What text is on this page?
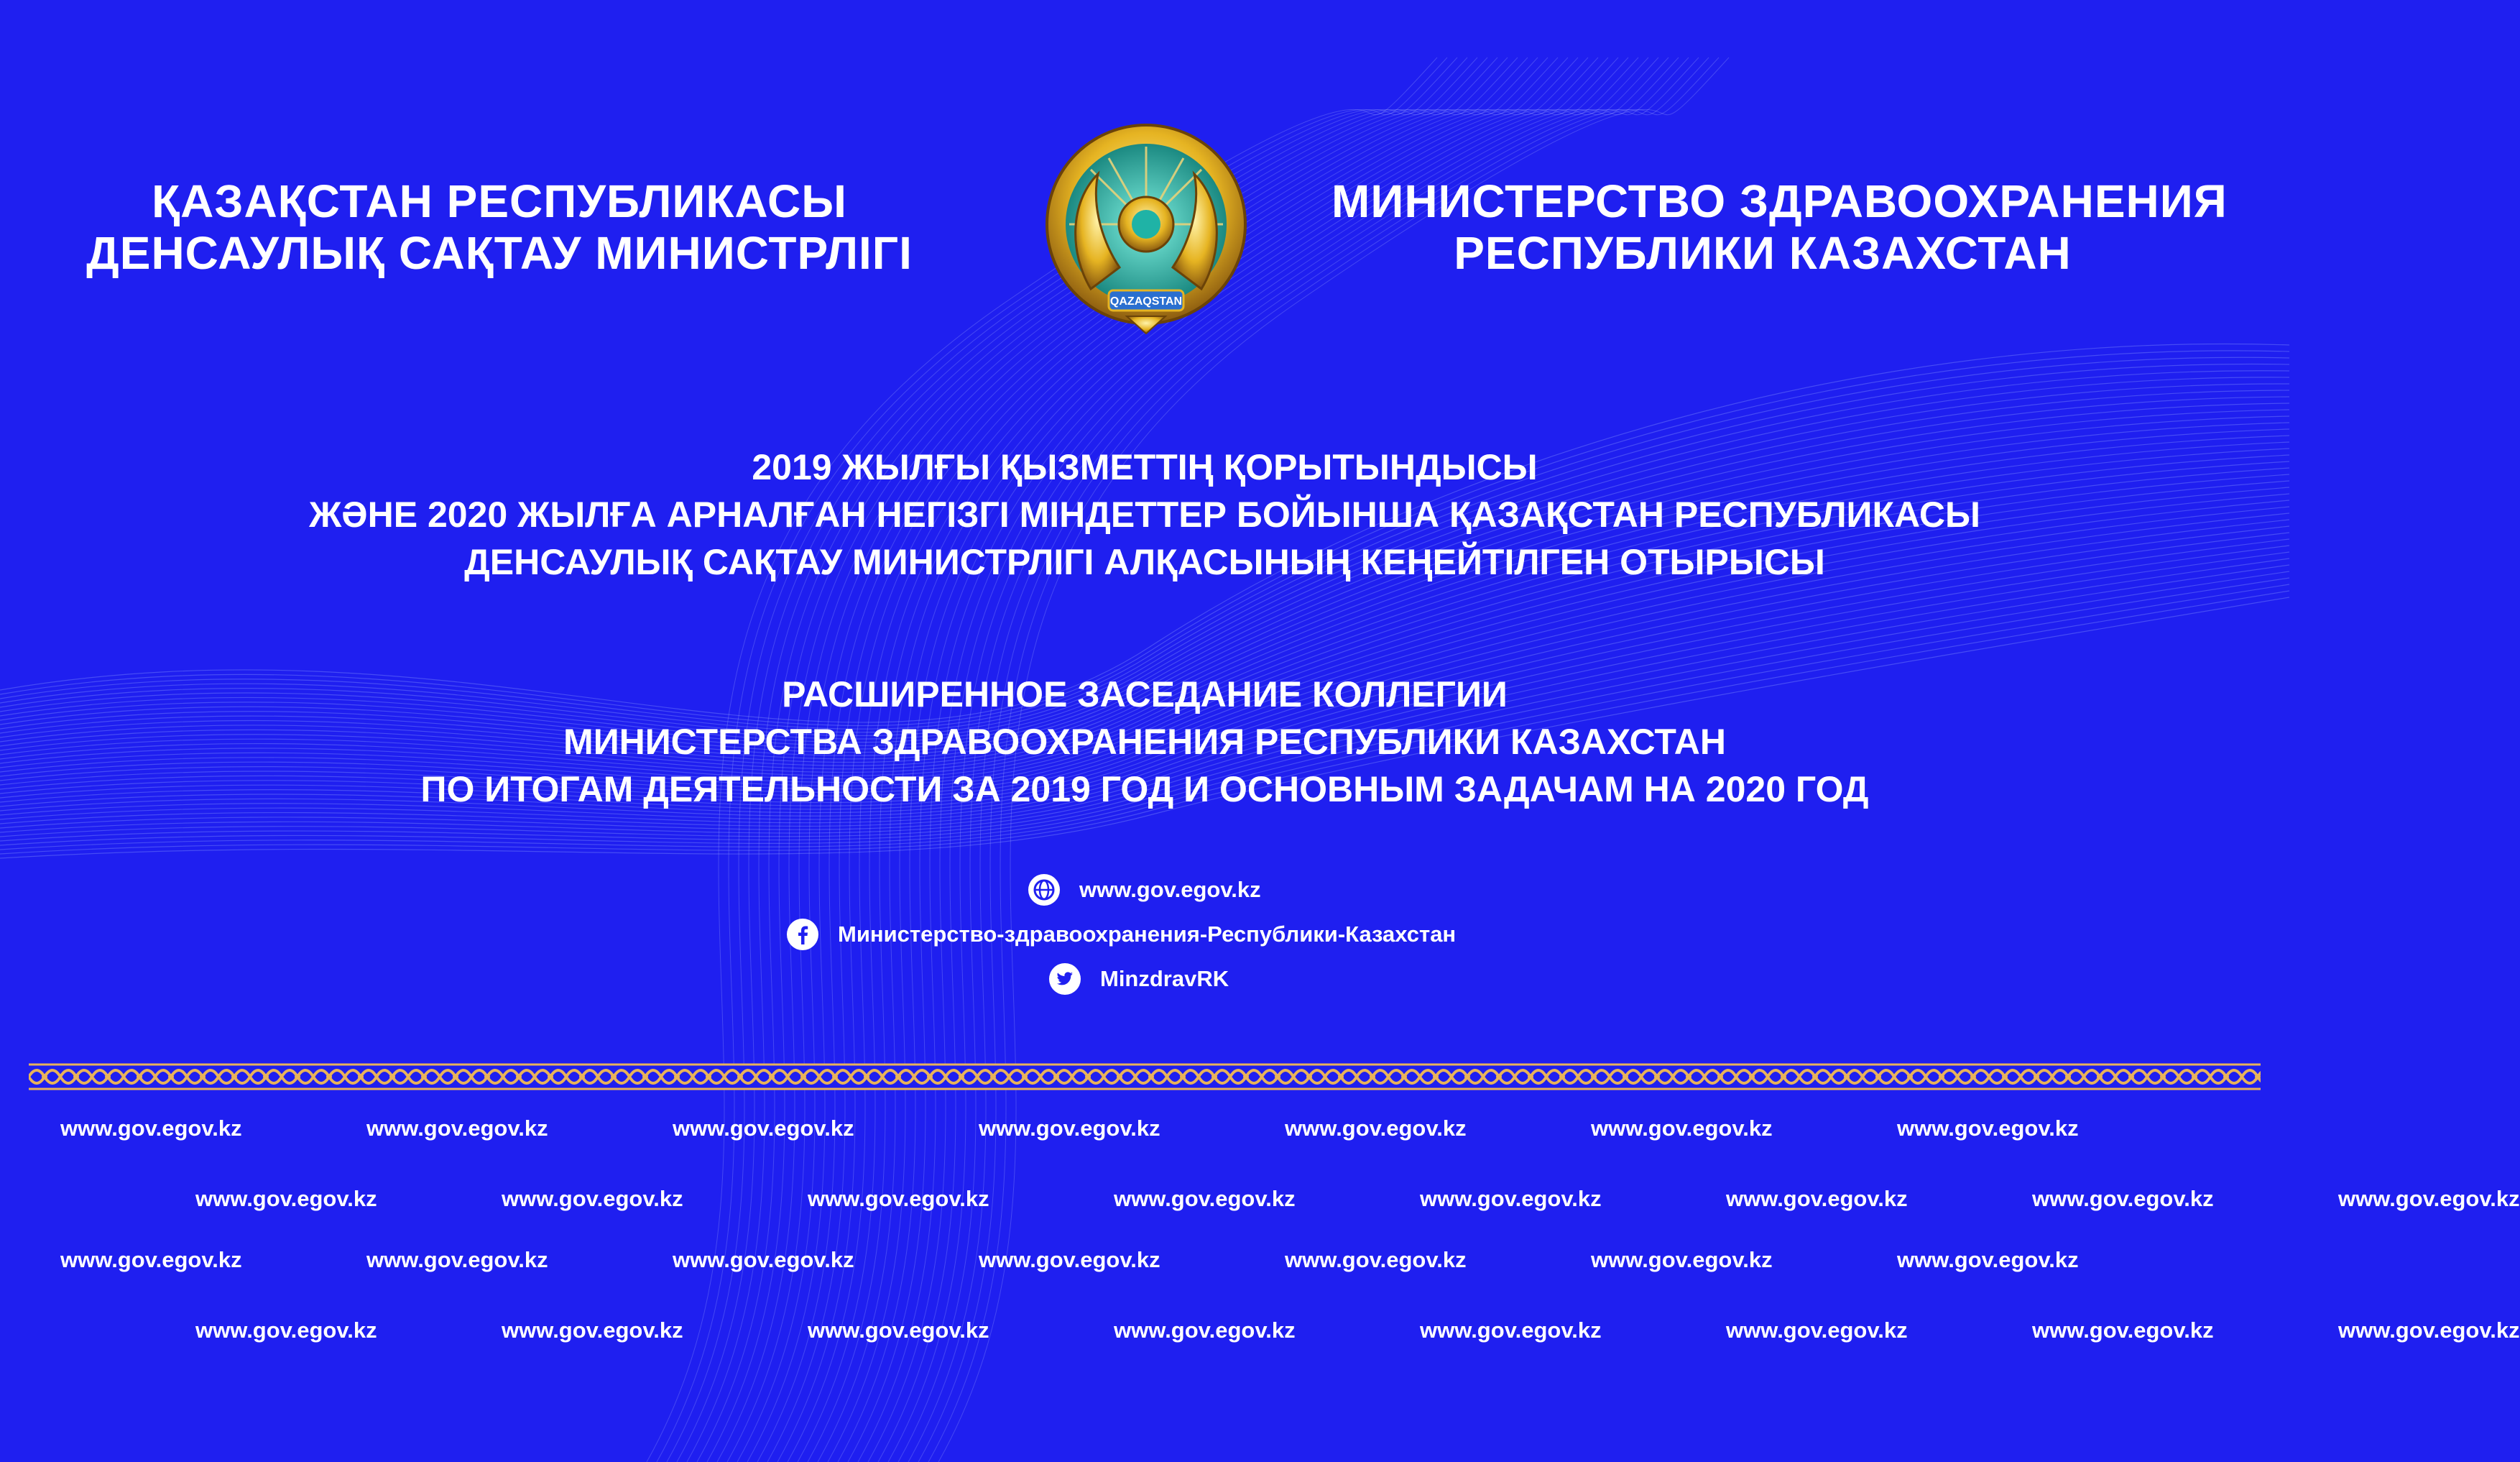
ҚАЗАҚСТАН РЕСПУБЛИКАСЫ
ДЕНСАУЛЫҚ САҚТАУ МИНИСТРЛІГІ
QAZAQSTAN
МИНИСТЕРСТВО ЗДРАВООХРАНЕНИЯ
РЕСПУБЛИКИ КАЗАХСТАН
2019 ЖЫЛҒЫ ҚЫЗМЕТТІҢ ҚОРЫТЫНДЫСЫ
ЖӘНЕ 2020 ЖЫЛҒА АРНАЛҒАН НЕГІЗГІ МІНДЕТТЕР БОЙЫНША ҚАЗАҚСТАН РЕСПУБЛИКАСЫ
ДЕНСАУЛЫҚ САҚТАУ МИНИСТРЛІГІ АЛҚАСЫНЫҢ КЕҢЕЙТІЛГЕН ОТЫРЫСЫ
РАСШИРЕННОЕ ЗАСЕДАНИЕ КОЛЛЕГИИ
МИНИСТЕРСТВА ЗДРАВООХРАНЕНИЯ РЕСПУБЛИКИ КАЗАХСТАН
ПО ИТОГАМ ДЕЯТЕЛЬНОСТИ ЗА 2019 ГОД И ОСНОВНЫМ ЗАДАЧАМ НА 2020 ГОД
www.gov.egov.kz
Министерство-здравоохранения-Республики-Казахстан
MinzdravRK
www.gov.egov.kz	www.gov.egov.kz	www.gov.egov.kz	www.gov.egov.kz	www.gov.egov.kz	www.gov.egov.kz	www.gov.egov.kz
www.gov.egov.kz	www.gov.egov.kz	www.gov.egov.kz	www.gov.egov.kz	www.gov.egov.kz	www.gov.egov.kz	www.gov.egov.kz	www.gov.egov.kz
www.gov.egov.kz	www.gov.egov.kz	www.gov.egov.kz	www.gov.egov.kz	www.gov.egov.kz	www.gov.egov.kz	www.gov.egov.kz
www.gov.egov.kz	www.gov.egov.kz	www.gov.egov.kz	www.gov.egov.kz	www.gov.egov.kz	www.gov.egov.kz	www.gov.egov.kz	www.gov.egov.kz
